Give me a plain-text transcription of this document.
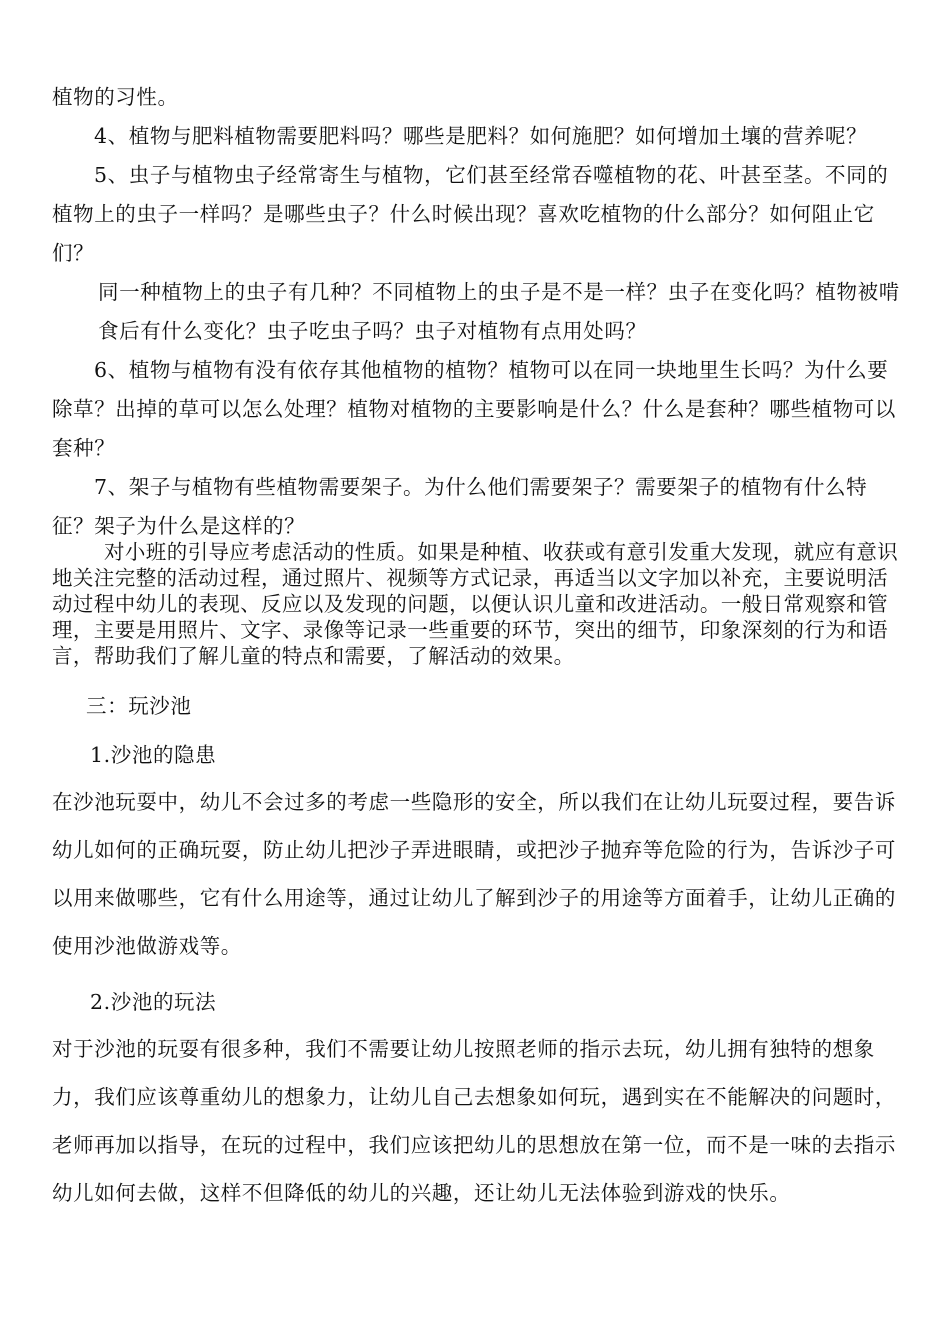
植物的习性。

4、植物与肥料植物需要肥料吗？哪些是肥料？如何施肥？如何增加土壤的营养呢？

5、虫子与植物虫子经常寄生与植物，它们甚至经常吞噬植物的花、叶甚至茎。不同的植物上的虫子一样吗？是哪些虫子？什么时候出现？喜欢吃植物的什么部分？如何阻止它们？

同一种植物上的虫子有几种？不同植物上的虫子是不是一样？虫子在变化吗？植物被啃食后有什么变化？虫子吃虫子吗？虫子对植物有点用处吗？

6、植物与植物有没有依存其他植物的植物？植物可以在同一块地里生长吗？为什么要除草？出掉的草可以怎么处理？植物对植物的主要影响是什么？什么是套种？哪些植物可以套种？

7、架子与植物有些植物需要架子。为什么他们需要架子？需要架子的植物有什么特征？架子为什么是这样的？

对小班的引导应考虑活动的性质。如果是种植、收获或有意引发重大发现，就应有意识地关注完整的活动过程，通过照片、视频等方式记录，再适当以文字加以补充，主要说明活动过程中幼儿的表现、反应以及发现的问题，以便认识儿童和改进活动。一般日常观察和管理，主要是用照片、文字、录像等记录一些重要的环节，突出的细节，印象深刻的行为和语言，帮助我们了解儿童的特点和需要，了解活动的效果。

三：玩沙池

1.沙池的隐患

在沙池玩耍中，幼儿不会过多的考虑一些隐形的安全，所以我们在让幼儿玩耍过程，要告诉幼儿如何的正确玩耍，防止幼儿把沙子弄进眼睛，或把沙子抛弃等危险的行为，告诉沙子可以用来做哪些，它有什么用途等，通过让幼儿了解到沙子的用途等方面着手，让幼儿正确的使用沙池做游戏等。

2.沙池的玩法

对于沙池的玩耍有很多种，我们不需要让幼儿按照老师的指示去玩，幼儿拥有独特的想象力，我们应该尊重幼儿的想象力，让幼儿自己去想象如何玩，遇到实在不能解决的问题时，老师再加以指导，在玩的过程中，我们应该把幼儿的思想放在第一位，而不是一味的去指示幼儿如何去做，这样不但降低的幼儿的兴趣，还让幼儿无法体验到游戏的快乐。
